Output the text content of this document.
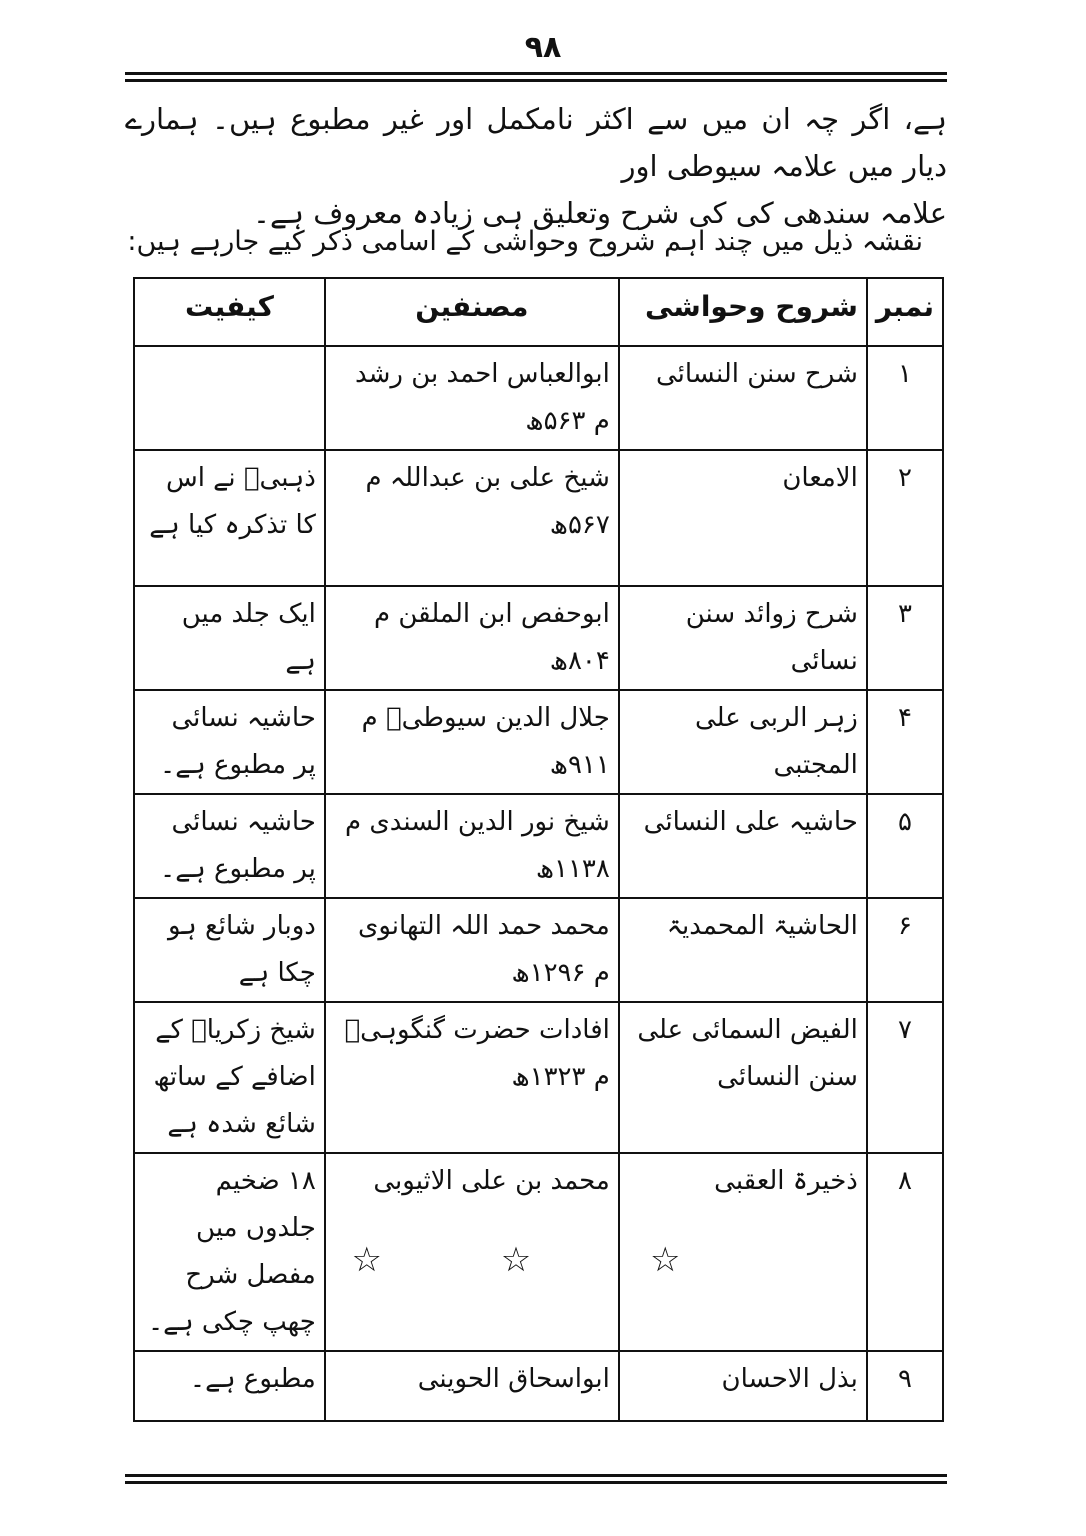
۹۸

ہے، اگر چہ ان میں سے اکثر نامکمل اور غیر مطبوع ہیں۔ ہمارے دیار میں علامہ سیوطی اور

علامہ سندھی کی کی شرح وتعلیق ہی زیادہ معروف ہے۔

نقشہ ذیل میں چند اہم شروح وحواشی کے اسامی ذکر کیے جارہے ہیں:
نمبر	شروح وحواشی	مصنفین	کیفیت
۱	شرح سنن النسائی	ابوالعباس احمد بن رشد م ۵۶۳ھ	
۲	الامعان	شیخ علی بن عبداللہ م ۵۶۷ھ	ذہبیؒ نے اس کا تذکرہ کیا ہے
۳	شرح زوائد سنن نسائی	ابوحفص ابن الملقن م ۸۰۴ھ	ایک جلد میں ہے
۴	زہر الربی علی المجتبی	جلال الدین سیوطیؒ م ۹۱۱ھ	حاشیہ نسائی پر مطبوع ہے۔
۵	حاشیہ علی النسائی	شیخ نور الدین السندی م ۱۱۳۸ھ	حاشیہ نسائی پر مطبوع ہے۔
۶	الحاشیۃ المحمدیۃ	محمد حمد اللہ التھانوی م ۱۲۹۶ھ	دوبار شائع ہو چکا ہے
۷	الفیض السمائی علی سنن النسائی	افادات حضرت گنگوہیؒ م ۱۳۲۳ھ	شیخ زکریاؒ کے اضافے کے ساتھ شائع شدہ ہے
۸	ذخیرۃ العقبی	محمد بن علی الاثیوبی	۱۸ ضخیم جلدوں میں مفصل شرح چھپ چکی ہے۔
۹	بذل الاحسان	ابواسحاق الحوینی	مطبوع ہے۔
☆ ☆ ☆
